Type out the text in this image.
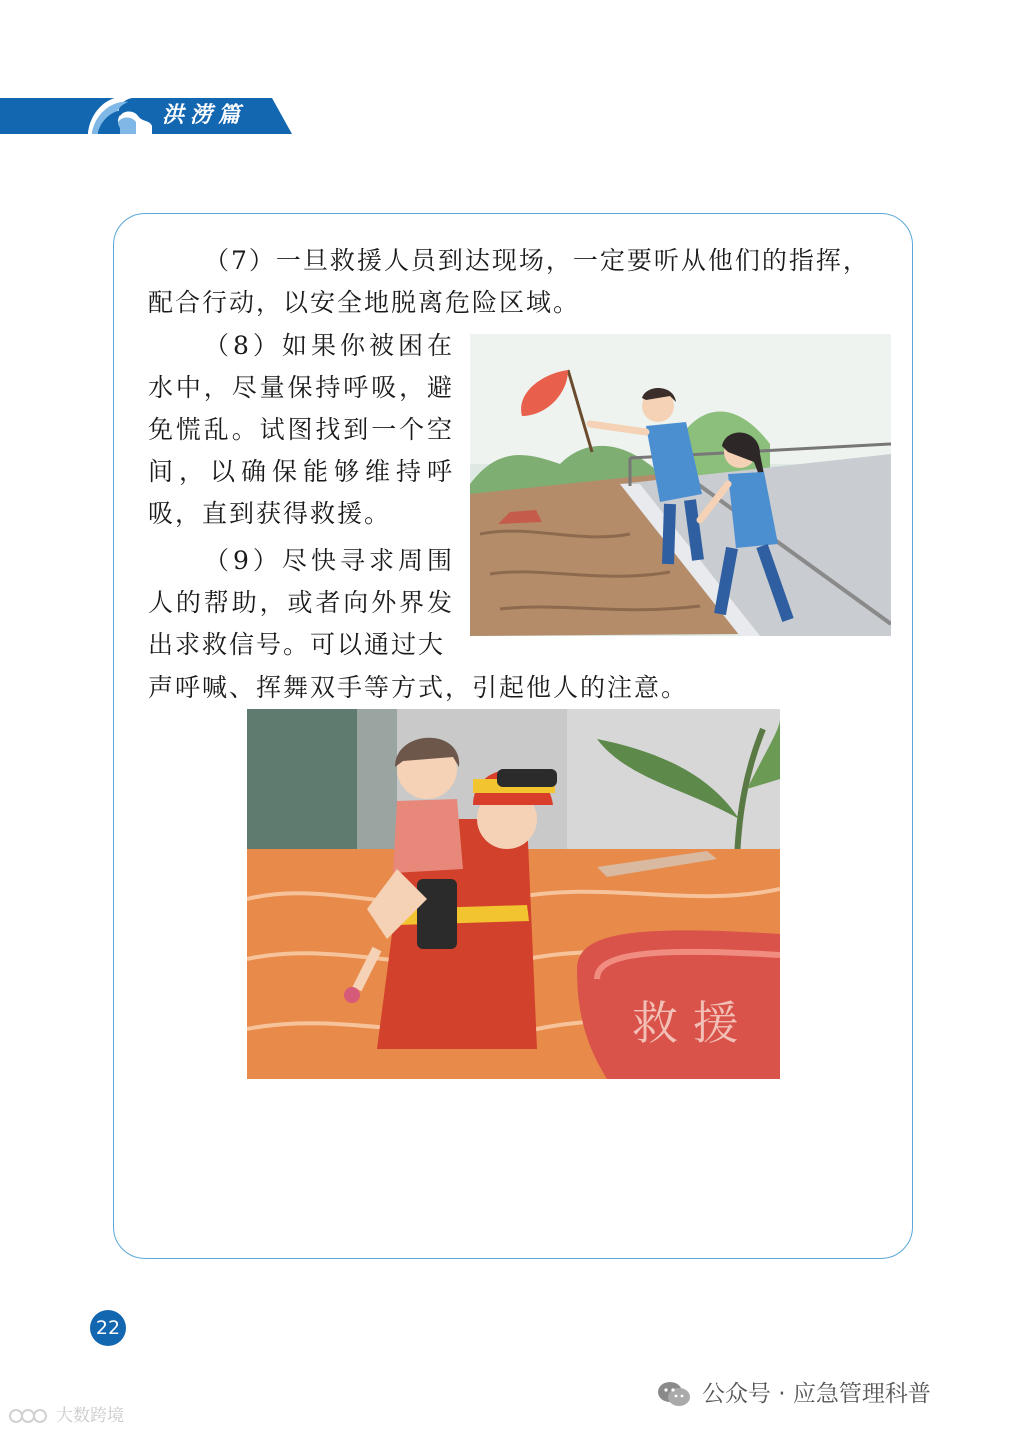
洪涝篇

（7）一旦救援人员到达现场，一定要听从他们的指挥，配合行动，以安全地脱离危险区域。

（8）如果你被困在水中，尽量保持呼吸，避免慌乱。试图找到一个空间，以确保能够维持呼吸，直到获得救援。

（9）尽快寻求周围人的帮助，或者向外界发出求救信号。可以通过大

声呼喊、挥舞双手等方式，引起他人的注意。

救 援
22
公众号 · 应急管理科普
大数跨境
